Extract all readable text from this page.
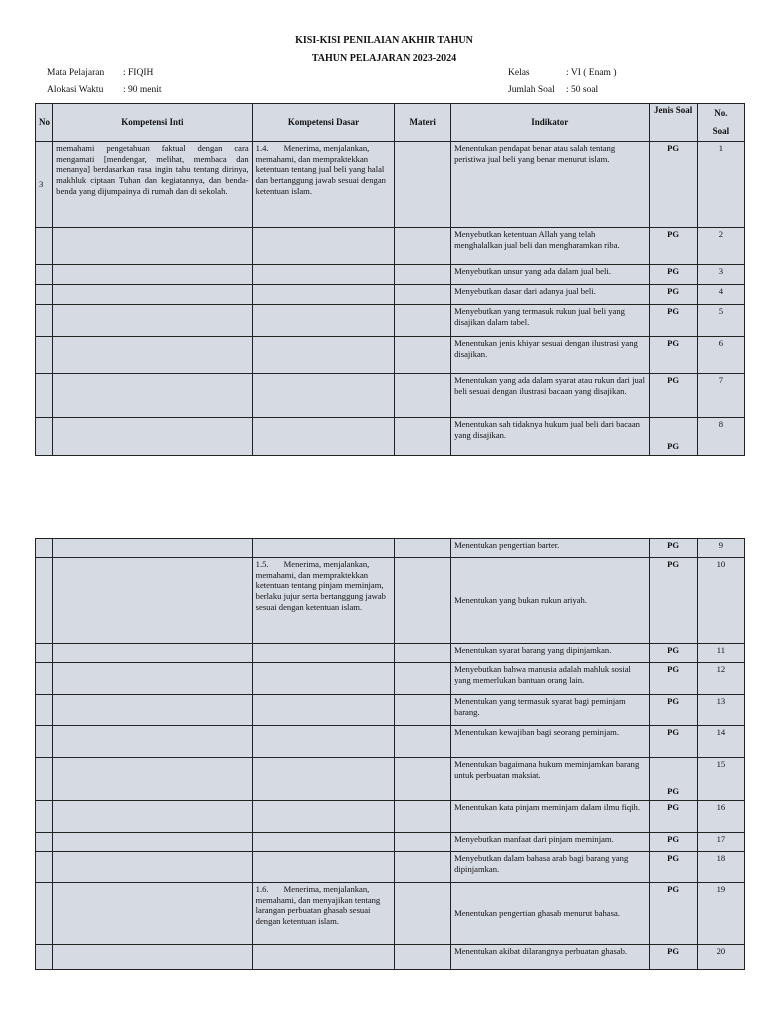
KISI-KISI PENILAIAN AKHIR TAHUN
TAHUN PELAJARAN 2023-2024
Mata Pelajaran : FIQIH
Alokasi Waktu : 90 menit
Kelas	: VI ( Enam )
Jumlah Soal : 50 soal
No	Kompetensi Inti	Kompetensi Dasar	Materi	Indikator	Jenis Soal	No.
Soal

3	memahami pengetahuan faktual dengan cara mengamati [mendengar, melihat, membaca dan menanya] berdasarkan rasa ingin tahu tentang dirinya, makhluk ciptaan Tuhan dan kegiatannya, dan benda-benda yang dijumpainya di rumah dan di sekolah.	1.4. Menerima, menjalankan, memahami, dan mempraktekkan ketentuan tentang jual beli yang halal dan bertanggung jawab sesuai dengan ketentuan islam.		Menentukan pendapat benar atau salah tentang peristiwa jual beli yang benar menurut islam.	PG	1
				Menyebutkan ketentuan Allah yang telah menghalalkan jual beli dan mengharamkan riba.	PG	2
				Menyebutkan unsur yang ada dalam jual beli.	PG	3
				Menyebutkan dasar dari adanya jual beli.	PG	4
				Menyebutkan yang termasuk rukun jual beli yang disajikan dalam tabel.	PG	5
				Menentukan jenis khiyar sesuai dengan ilustrasi yang disajikan.	PG	6
				Menentukan yang ada dalam syarat atau rukun dari jual beli sesuai dengan ilustrasi bacaan yang disajikan.	PG	7
				Menentukan sah tidaknya hukum jual beli dari bacaan yang disajikan.	PG	8
				Menentukan pengertian barter.	PG	9
		1.5. Menerima, menjalankan, memahami, dan mempraktekkan ketentuan tentang pinjam meminjam, berlaku jujur serta bertanggung jawab sesuai dengan ketentuan islam.		Menentukan yang bukan rukun ariyah.	PG	10
				Menentukan syarat barang yang dipinjamkan.	PG	11
				Menyebutkan bahwa manusia adalah mahluk sosial yang memerlukan bantuan orang lain.	PG	12
				Menentukan yang termasuk syarat bagi peminjam barang.	PG	13
				Menentukan kewajiban bagi seorang peminjam.	PG	14
				Menentukan bagaimana hukum meminjamkan barang untuk perbuatan maksiat.	PG	15
				Menentukan kata pinjam meminjam dalam ilmu fiqih.	PG	16
				Menyebutkan manfaat dari pinjam meminjam.	PG	17
				Menyebutkan dalam bahasa arab bagi barang yang dipinjamkan.	PG	18
		1.6. Menerima, menjalankan, memahami, dan menyajikan tentang larangan perbuatan ghasab sesuai dengan ketentuan islam.		Menentukan pengertian ghasab menurut bahasa.	PG	19
				Menentukan akibat dilarangnya perbuatan ghasab.	PG	20
